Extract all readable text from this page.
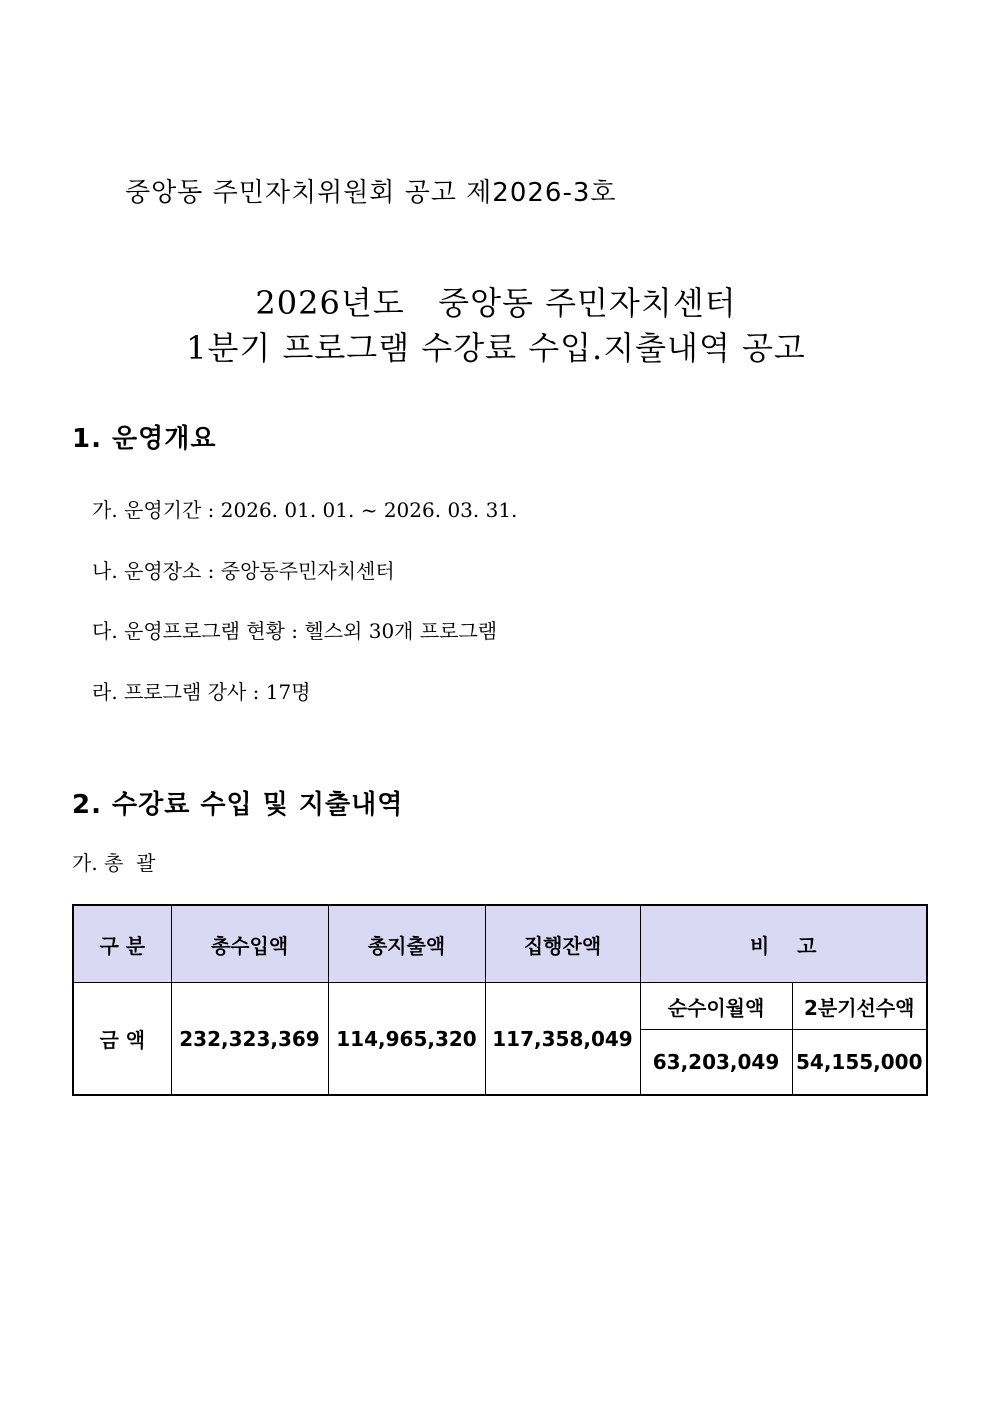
중앙동 주민자치위원회 공고 제2026-3호
2026년도   중앙동 주민자치센터
1분기 프로그램 수강료 수입.지출내역 공고
1. 운영개요
가. 운영기간 : 2026. 01. 01. ~ 2026. 03. 31.
나. 운영장소 : 중앙동주민자치센터
다. 운영프로그램 현황 : 헬스외 30개 프로그램
라. 프로그램 강사 : 17명
2. 수강료 수입 및 지출내역
가. 총  괄
구 분	총수입액	총지출액	집행잔액	비    고	
금 액	232,323,369	114,965,320	117,358,049	순수이월액	2분기선수액
				63,203,049	54,155,000
